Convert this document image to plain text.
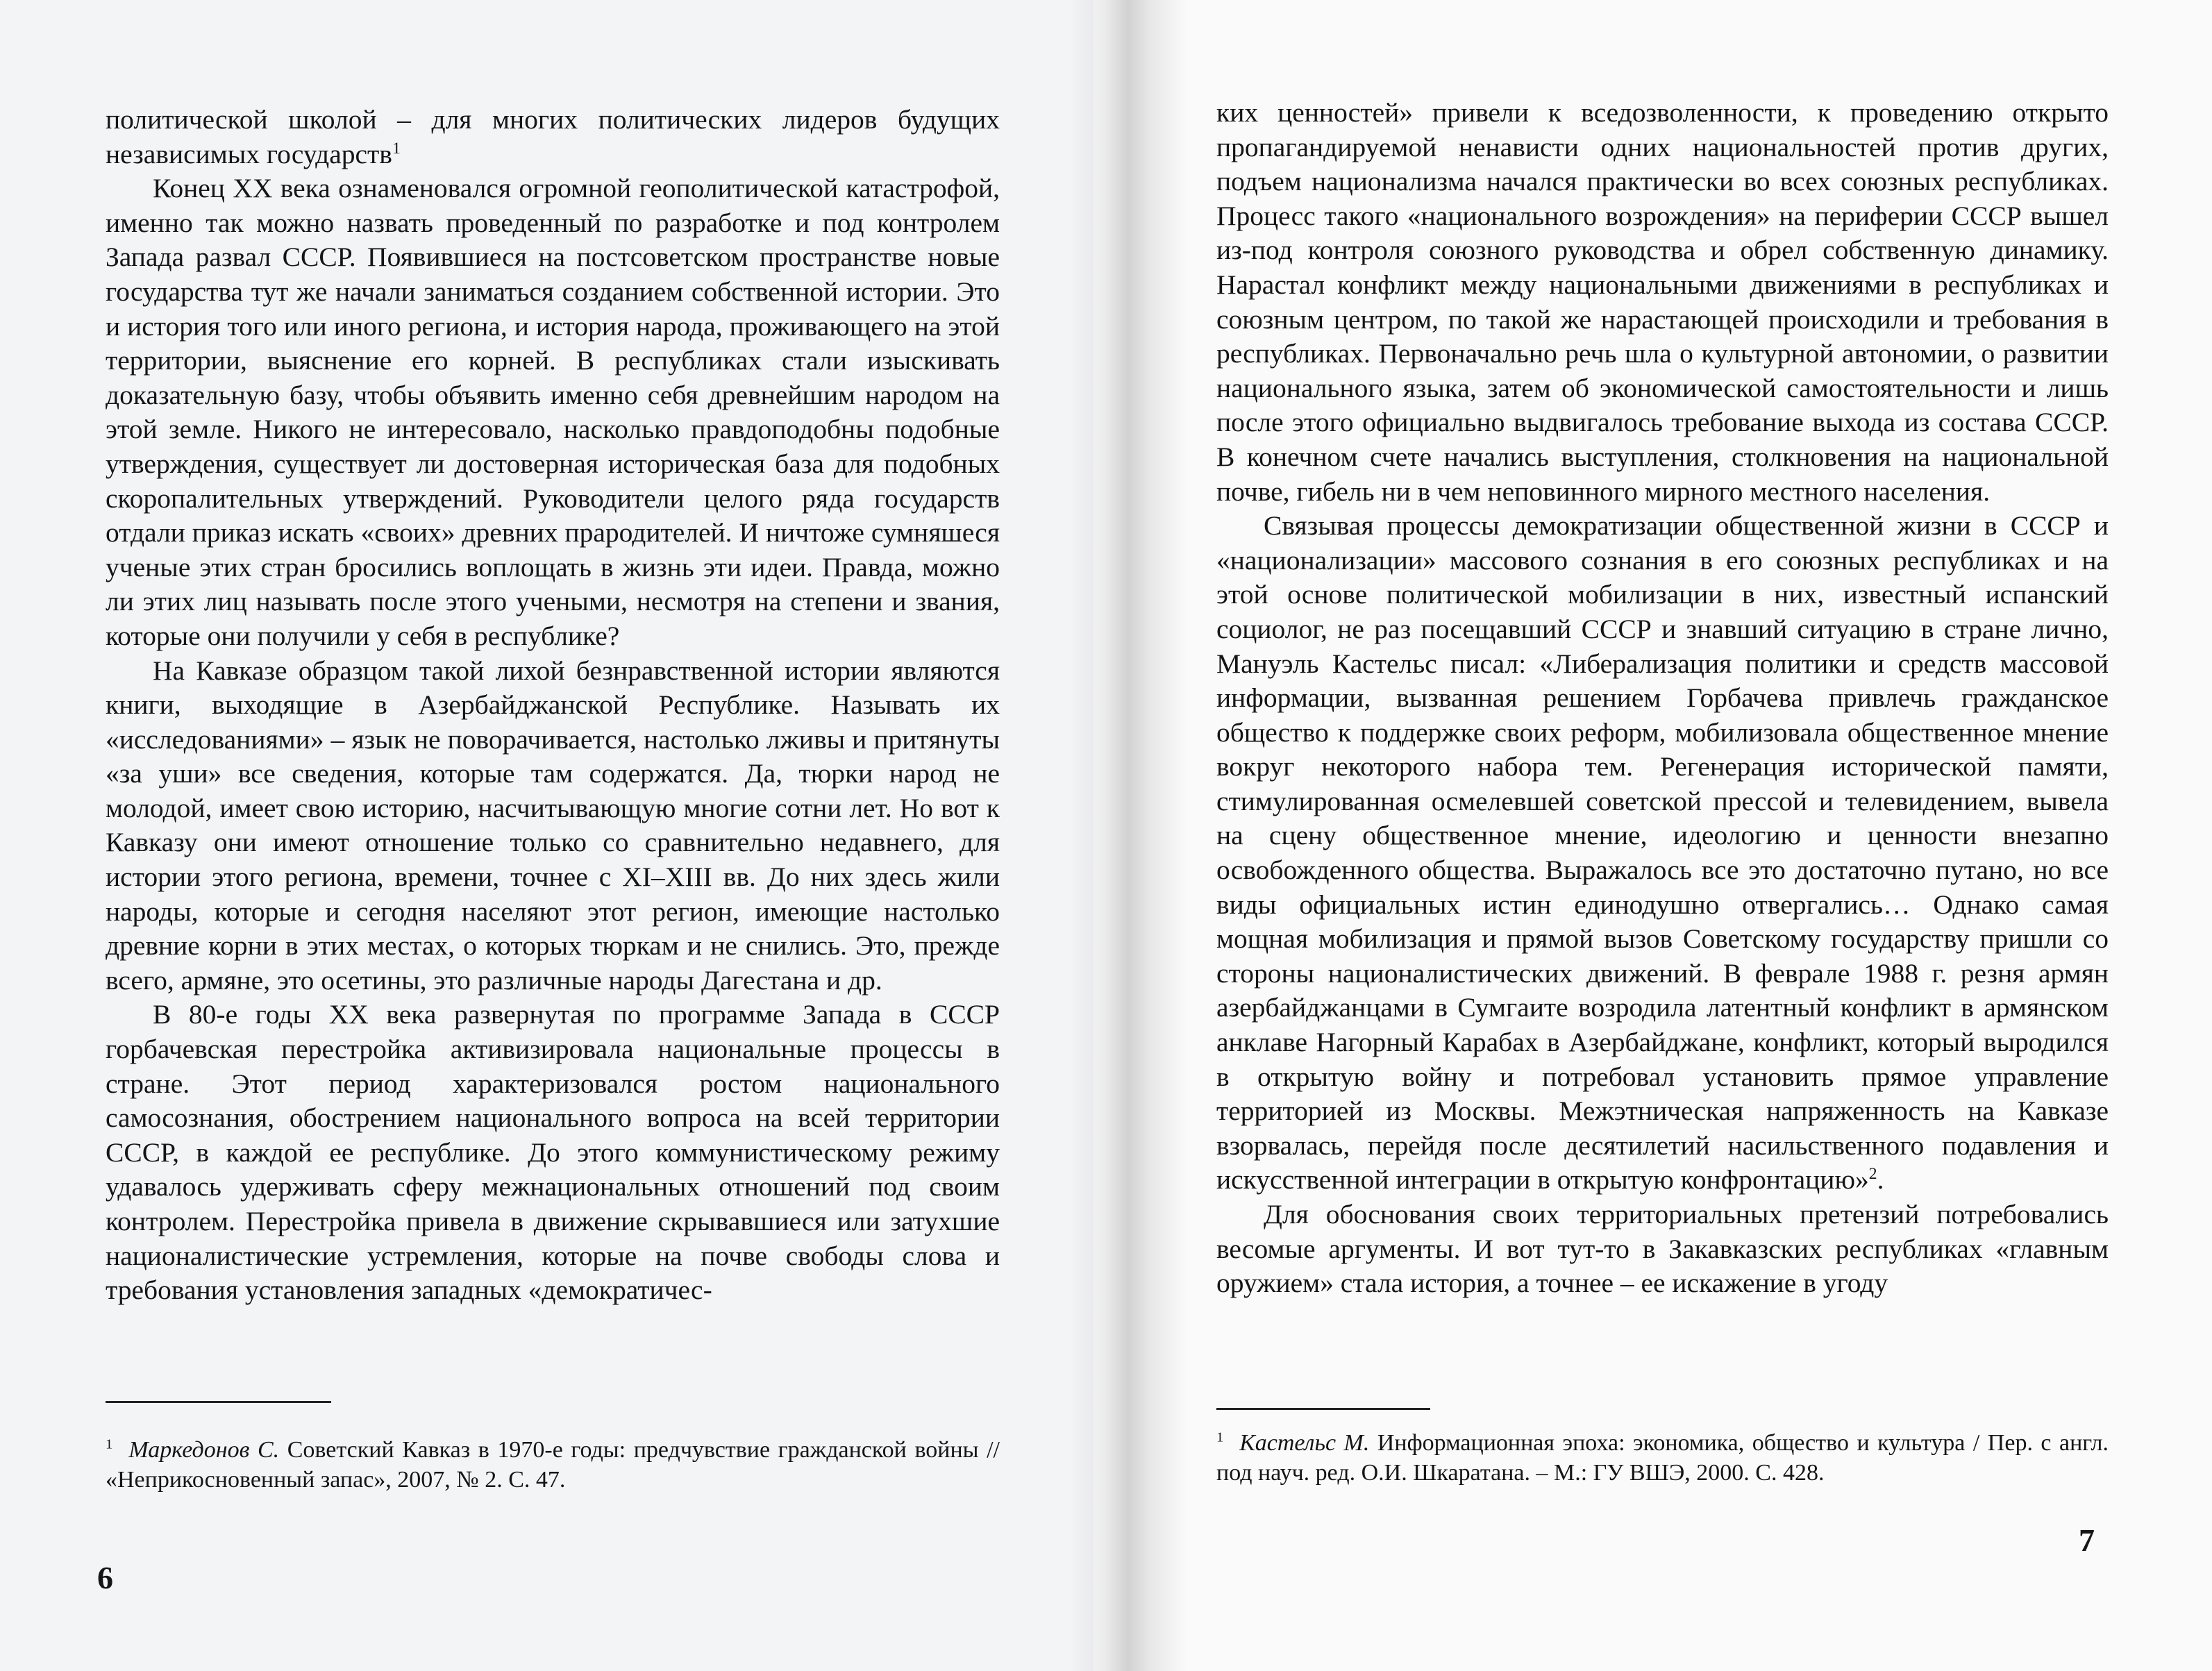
политической школой – для многих политических лидеров будущих независимых государств$^1$

Конец XX века ознаменовался огромной геополитической катастрофой, именно так можно назвать проведенный по разработке и под контролем Запада развал СССР. Появившиеся на постсоветском пространстве новые государства тут же начали заниматься созданием собственной истории. Это и история того или иного региона, и история народа, проживающего на этой территории, выяснение его корней. В республиках стали изыскивать доказательную базу, чтобы объявить именно себя древнейшим народом на этой земле. Никого не интересовало, насколько правдоподобны подобные утверждения, существует ли достоверная историческая база для подобных скоропалительных утверждений. Руководители целого ряда государств отдали приказ искать «своих» древних прародителей. И ничтоже сумняшеся ученые этих стран бросились воплощать в жизнь эти идеи. Правда, можно ли этих лиц называть после этого учеными, несмотря на степени и звания, которые они получили у себя в республике?

На Кавказе образцом такой лихой безнравственной истории являются книги, выходящие в Азербайджанской Республике. Называть их «исследованиями» – язык не поворачивается, настолько лживы и притянуты «за уши» все сведения, которые там содержатся. Да, тюрки народ не молодой, имеет свою историю, насчитывающую многие сотни лет. Но вот к Кавказу они имеют отношение только со сравнительно недавнего, для истории этого региона, времени, точнее с XI–XIII вв. До них здесь жили народы, которые и сегодня населяют этот регион, имеющие настолько древние корни в этих местах, о которых тюркам и не снились. Это, прежде всего, армяне, это осетины, это различные народы Дагестана и др.

В 80-е годы XX века развернутая по программе Запада в СССР горбачевская перестройка активизировала национальные процессы в стране. Этот период характеризовался ростом национального самосознания, обострением национального вопроса на всей территории СССР, в каждой ее республике. До этого коммунистическому режиму удавалось удерживать сферу межнациональных отношений под своим контролем. Перестройка привела в движение скрывавшиеся или затухшие националистические устремления, которые на почве свободы слова и требования установления западных «демократичес-

$^1$ Маркедонов С. Советский Кавказ в 1970-е годы: предчувствие гражданской войны // «Неприкосновенный запас», 2007, № 2. С. 47.

6

ких ценностей» привели к вседозволенности, к проведению открыто пропагандируемой ненависти одних национальностей против других, подъем национализма начался практически во всех союзных республиках. Процесс такого «национального возрождения» на периферии СССР вышел из-под контроля союзного руководства и обрел собственную динамику. Нарастал конфликт между национальными движениями в республиках и союзным центром, по такой же нарастающей происходили и требования в республиках. Первоначально речь шла о культурной автономии, о развитии национального языка, затем об экономической самостоятельности и лишь после этого официально выдвигалось требование выхода из состава СССР. В конечном счете начались выступления, столкновения на национальной почве, гибель ни в чем неповинного мирного местного населения.

Связывая процессы демократизации общественной жизни в СССР и «национализации» массового сознания в его союзных республиках и на этой основе политической мобилизации в них, известный испанский социолог, не раз посещавший СССР и знавший ситуацию в стране лично, Мануэль Кастельс писал: «Либерализация политики и средств массовой информации, вызванная решением Горбачева привлечь гражданское общество к поддержке своих реформ, мобилизовала общественное мнение вокруг некоторого набора тем. Регенерация исторической памяти, стимулированная осмелевшей советской прессой и телевидением, вывела на сцену общественное мнение, идеологию и ценности внезапно освобожденного общества. Выражалось все это достаточно путано, но все виды официальных истин единодушно отвергались… Однако самая мощная мобилизация и прямой вызов Советскому государству пришли со стороны националистических движений. В феврале 1988 г. резня армян азербайджанцами в Сумгаите возродила латентный конфликт в армянском анклаве Нагорный Карабах в Азербайджане, конфликт, который выродился в открытую войну и потребовал установить прямое управление территорией из Москвы. Межэтническая напряженность на Кавказе взорвалась, перейдя после десятилетий насильственного подавления и искусственной интеграции в открытую конфронтацию»$^2$.

Для обоснования своих территориальных претензий потребовались весомые аргументы. И вот тут-то в Закавказских республиках «главным оружием» стала история, а точнее – ее искажение в угоду

$^1$ Кастельс М. Информационная эпоха: экономика, общество и культура / Пер. с англ. под науч. ред. О.И. Шкаратана. – М.: ГУ ВШЭ, 2000. С. 428.

7
